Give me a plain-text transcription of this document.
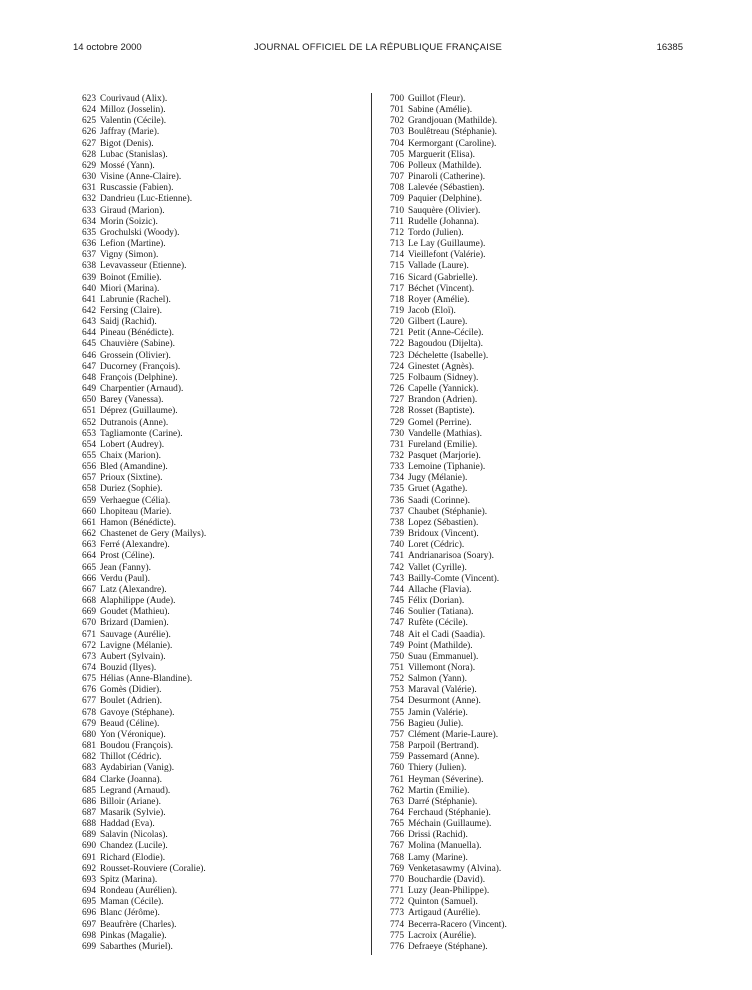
14 octobre 2000	JOURNAL OFFICIEL DE LA RÉPUBLIQUE FRANÇAISE	16385
623 Courivaud (Alix).
624 Milloz (Josselin).
625 Valentin (Cécile).
626 Jaffray (Marie).
627 Bigot (Denis).
628 Lubac (Stanislas).
629 Mossé (Yann).
630 Visine (Anne-Claire).
631 Ruscassie (Fabien).
632 Dandrieu (Luc-Etienne).
633 Giraud (Marion).
634 Morin (Soizic).
635 Grochulski (Woody).
636 Lefion (Martine).
637 Vigny (Simon).
638 Levavasseur (Etienne).
639 Boinot (Emilie).
640 Miori (Marina).
641 Labrunie (Rachel).
642 Fersing (Claire).
643 Saidj (Rachid).
644 Pineau (Bénédicte).
645 Chauvière (Sabine).
646 Grossein (Olivier).
647 Ducorney (François).
648 François (Delphine).
649 Charpentier (Arnaud).
650 Barey (Vanessa).
651 Déprez (Guillaume).
652 Dutranois (Anne).
653 Tagliamonte (Carine).
654 Lobert (Audrey).
655 Chaix (Marion).
656 Bled (Amandine).
657 Prioux (Sixtine).
658 Duriez (Sophie).
659 Verhaegue (Célia).
660 Lhopiteau (Marie).
661 Hamon (Bénédicte).
662 Chastenet de Gery (Mailys).
663 Ferré (Alexandre).
664 Prost (Céline).
665 Jean (Fanny).
666 Verdu (Paul).
667 Latz (Alexandre).
668 Alaphilippe (Aude).
669 Goudet (Mathieu).
670 Brizard (Damien).
671 Sauvage (Aurélie).
672 Lavigne (Mélanie).
673 Aubert (Sylvain).
674 Bouzid (Ilyes).
675 Hélias (Anne-Blandine).
676 Gomès (Didier).
677 Boulet (Adrien).
678 Gavoye (Stéphane).
679 Beaud (Céline).
680 Yon (Véronique).
681 Boudou (François).
682 Thillot (Cédric).
683 Aydabirian (Vanig).
684 Clarke (Joanna).
685 Legrand (Arnaud).
686 Billoir (Ariane).
687 Masarik (Sylvie).
688 Haddad (Eva).
689 Salavin (Nicolas).
690 Chandez (Lucile).
691 Richard (Elodie).
692 Rousset-Rouviere (Coralie).
693 Spitz (Marina).
694 Rondeau (Aurélien).
695 Maman (Cécile).
696 Blanc (Jérôme).
697 Beaufrère (Charles).
698 Pinkas (Magalie).
699 Sabarthes (Muriel).
700 Guillot (Fleur).
701 Sabine (Amélie).
702 Grandjouan (Mathilde).
703 Boulêtreau (Stéphanie).
704 Kermorgant (Caroline).
705 Marguerit (Elisa).
706 Polleux (Mathilde).
707 Pinaroli (Catherine).
708 Lalevée (Sébastien).
709 Paquier (Delphine).
710 Sauquère (Olivier).
711 Rudelle (Johanna).
712 Tordo (Julien).
713 Le Lay (Guillaume).
714 Vieillefont (Valérie).
715 Vallade (Laure).
716 Sicard (Gabrielle).
717 Béchet (Vincent).
718 Royer (Amélie).
719 Jacob (Eloï).
720 Gilbert (Laure).
721 Petit (Anne-Cécile).
722 Bagoudou (Dijelta).
723 Déchelette (Isabelle).
724 Ginestet (Agnès).
725 Folbaum (Sidney).
726 Capelle (Yannick).
727 Brandon (Adrien).
728 Rosset (Baptiste).
729 Gomel (Perrine).
730 Vandelle (Mathias).
731 Fureland (Emilie).
732 Pasquet (Marjorie).
733 Lemoine (Tiphanie).
734 Jugy (Mélanie).
735 Gruet (Agathe).
736 Saadi (Corinne).
737 Chaubet (Stéphanie).
738 Lopez (Sébastien).
739 Bridoux (Vincent).
740 Loret (Cédric).
741 Andrianarisoa (Soary).
742 Vallet (Cyrille).
743 Bailly-Comte (Vincent).
744 Allache (Flavia).
745 Félix (Dorian).
746 Soulier (Tatiana).
747 Rufète (Cécile).
748 Ait el Cadi (Saadia).
749 Point (Mathilde).
750 Suau (Emmanuel).
751 Villemont (Nora).
752 Salmon (Yann).
753 Maraval (Valérie).
754 Desurmont (Anne).
755 Jamin (Valérie).
756 Bagieu (Julie).
757 Clément (Marie-Laure).
758 Parpoil (Bertrand).
759 Passemard (Anne).
760 Thiery (Julien).
761 Heyman (Séverine).
762 Martin (Emilie).
763 Darré (Stéphanie).
764 Ferchaud (Stéphanie).
765 Méchain (Guillaume).
766 Drissi (Rachid).
767 Molina (Manuella).
768 Lamy (Marine).
769 Venketasawmy (Alvina).
770 Bouchardie (David).
771 Luzy (Jean-Philippe).
772 Quinton (Samuel).
773 Artigaud (Aurélie).
774 Becerra-Racero (Vincent).
775 Lacroix (Aurélie).
776 Defraeye (Stéphane).
